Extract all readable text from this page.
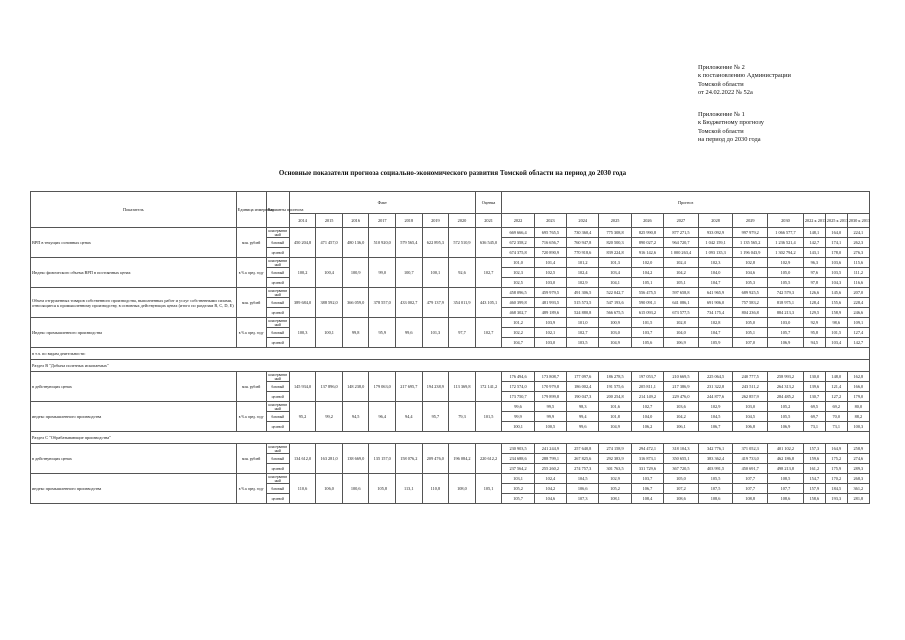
Приложение № 2
к постановлению Администрации
Томской области
от 24.02.2022 № 52а
Приложение № 1
к Бюджетному прогнозу
Томской области
на период до 2030 года
Основные показатели прогноза социально-экономического развития Томской области на период до 2030 года
Показатель	Единица измерения	Варианты прогноза	Факт							Оценка	Прогноз											
			2014	2015	2016	2017	2018	2019	2020	2021	2022	2023	2024	2025	2026	2027	2028	2029	2030	2022 к 2013	2025 к 2013	2030 к 2013
ВРП в текущих основных ценах	млн. рублей	консерватив ный	450 204,8	471 457,0	480 136,0	510 920,0	579 565,4	622 895,3	572 510,9	636 545,0	669 666,4	695 765,5	730 360,4	775 308,8	825 990,8	877 271,5	933 092,9	997 979,2	1 066 577,7	148,1	164,0	224,1
		базовый									672 358,2	716 656,7	760 947,8	820 500,3	890 027,2	964 720,7	1 042 159,1	1 135 565,2	1 236 521,4	142,7	174,1	262,3
		целевой									674 375,8	720 890,9	770 918,6	839 224,8	916 142,6	1 000 263,4	1 093 135,3	1 196 043,9	1 302 794,2	143,1	178,0	276,3
Индекс физического объема ВРП в постоянных ценах	в % к пред. году	консерватив ный	100,2	100,4	100,9	99,0	100,7	100,1	92,6	102,7	101,0	101,4	101,2	101,3	102,0	102,4	102,3	102,8	102,9	96,3	103,6	115,6
		базовый									102,3	102,5	102,4	103,4	104,2	104,2	104,0	104,6	105,0	97,6	103,5	111,2
		целевой									102,5	103,0	102,9	104,1	105,1	105,1	104,7	105,3	105,5	97,8	104,3	116,6
Объем отгруженных товаров собственного производства, выполненных работ и услуг собственными силами, относящиеся к промышленному производству, в основных действующих ценах (итого по разделам В, С, D, Е)	млн. рублей	консерватив ный	389 684,0	388 592,0	366 059,0	378 557,0	433 002,7	479 137,9	354 011,9	443 105,1	458 096,5	459 979,5	491 306,5	522 042,7	556 475,5	597 658,8	641 965,9	689 925,5	742 579,3	126,6	145,6	207,0
		базовый									460 399,8	481 993,5	515 573,5	547 193,6	590 091,1	641 086,1	691 906,0	757 583,2	818 975,1	128,4	155,6	228,4
		целевой									468 302,7	489 189,6	524 880,8	566 675,5	615 093,2	673 577,5	734 175,4	804 236,8	884 213,3	129,5	158,9	246,6
Индекс промышленного производства	в % к пред. году	консерватив ный	100,3	100,1	99,8	95,9	99,6	101,3	97,7	102,7	101,2	103,9	101,0	100,9	101,5	102,8	102,8	105,0	103,0	92,9	98,6	109,1
		базовый									102,2	102,1	102,7	103,0	103,7	104,0	104,7	105,1	105,7	95,8	101,5	127,4
		целевой									104,7	103,0	103,5	104,9	105,6	106,9	105,9	107,0	106,9	94,5	103,4	142,7
в т.ч. по видам деятельности:																						
Раздел B "Добыча полезных ископаемых"																						
в действующих ценах	млн. рублей	консерватив ный	145 934,0	137 896,0	148 238,0	179 063,0	217 695,7	194 238,9	113 369,8	172 141,2	176 494,6	173 808,7	177 097,6	186 278,5	197 053,7	210 669,5	225 064,5	240 777,5	258 993,2	130,0	148,0	162,8
		базовый									172 574,0	170 979,8	186 002,4	191 575,6	205 811,1	217 386,9	231 322,8	243 511,2	264 313,2	139,6	121,4	166,0
		целевой									173 750,7	179 899,8	190 047,3	200 254,8	214 149,2	229 476,0	244 877,6	262 857,9	284 485,2	130,7	127,2	179,0
индекс промышленного производства	в % к пред. году	консерватив ный	95,2	99,2	94,5	96,4	94,4	95,7	79,3	101,5	99,6	99,5	98,3	101,6	102,7	103,6	102,9	103,0	105,2	69,5	69,2	80,0
		базовый									99,9	99,9	99,4	101,8	104,0	104,2	104,5	104,5	105,5	69,7	70,0	88,2
		целевой									100,1	100,5	99,6	104,9	106,2	106,1	106,7	106,8	106,9	73,1	73,1	100,3
Раздел С "Обрабатывающие производства"																						
в действующих ценах	млн. рублей	консерватив ный	134 612,0	163 281,0	138 669,0	135 157,0	158 076,2	209 476,0	196 084,2	220 612,2	230 903,5	241 244,9	257 640,8	274 158,9	294 472,1	318 104,3	342 776,1	371 052,3	401 102,2	157,3	164,9	258,9
		базовый									234 688,6	288 799,1	267 825,6	292 383,9	316 873,1	350 655,1	383 362,4	419 733,0	462 186,8	159,6	175,2	274,6
		целевой									237 564,2	255 260,2	274 757,3	301 763,5	331 729,6	367 720,5	403 991,5	450 691,7	498 213,8	161,2	175,9	289,3
индекс промышленного производства	в % к пред. году	консерватив ный	110,6	106,0	100,6	105,8	113,1	110,8	108,0	105,1	103,1	102,4	104,5	102,9	103,7	105,0	105,5	107,7	108,5	154,7	170,2	268,3
		базовый									105,2	104,2	106,6	105,2	106,7	107,2	107,5	107,7	107,7	157,9	184,5	361,2
		целевой									105,7	104,6	107,3	108,1	108,4	108,6	108,6	108,8	108,6	158,6	193,3	281,8
